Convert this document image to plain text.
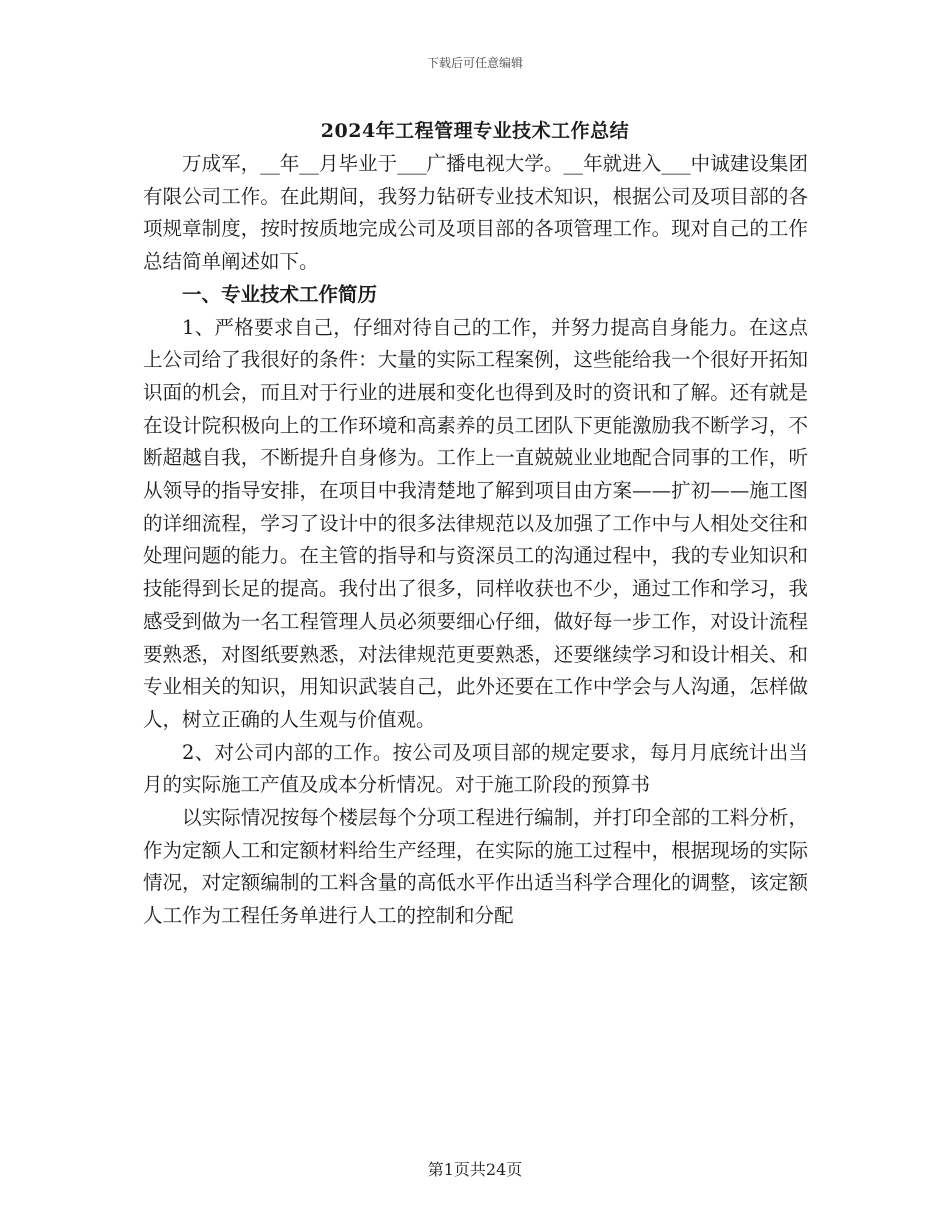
下载后可任意编辑
2024年工程管理专业技术工作总结

万成军，__年__月毕业于___广播电视大学。__年就进入___中诚建设集团有限公司工作。在此期间，我努力钻研专业技术知识，根据公司及项目部的各项规章制度，按时按质地完成公司及项目部的各项管理工作。现对自己的工作总结简单阐述如下。

一、专业技术工作简历

1、严格要求自己，仔细对待自己的工作，并努力提高自身能力。在这点上公司给了我很好的条件：大量的实际工程案例，这些能给我一个很好开拓知识面的机会，而且对于行业的进展和变化也得到及时的资讯和了解。还有就是在设计院积极向上的工作环境和高素养的员工团队下更能激励我不断学习，不断超越自我，不断提升自身修为。工作上一直兢兢业业地配合同事的工作，听从领导的指导安排，在项目中我清楚地了解到项目由方案——扩初——施工图的详细流程，学习了设计中的很多法律规范以及加强了工作中与人相处交往和处理问题的能力。在主管的指导和与资深员工的沟通过程中，我的专业知识和技能得到长足的提高。我付出了很多，同样收获也不少，通过工作和学习，我感受到做为一名工程管理人员必须要细心仔细，做好每一步工作，对设计流程要熟悉，对图纸要熟悉，对法律规范更要熟悉，还要继续学习和设计相关、和专业相关的知识，用知识武装自己，此外还要在工作中学会与人沟通，怎样做人，树立正确的人生观与价值观。

2、对公司内部的工作。按公司及项目部的规定要求，每月月底统计出当月的实际施工产值及成本分析情况。对于施工阶段的预算书

以实际情况按每个楼层每个分项工程进行编制，并打印全部的工料分析，作为定额人工和定额材料给生产经理，在实际的施工过程中，根据现场的实际情况，对定额编制的工料含量的高低水平作出适当科学合理化的调整，该定额人工作为工程任务单进行人工的控制和分配

第1页共24页
